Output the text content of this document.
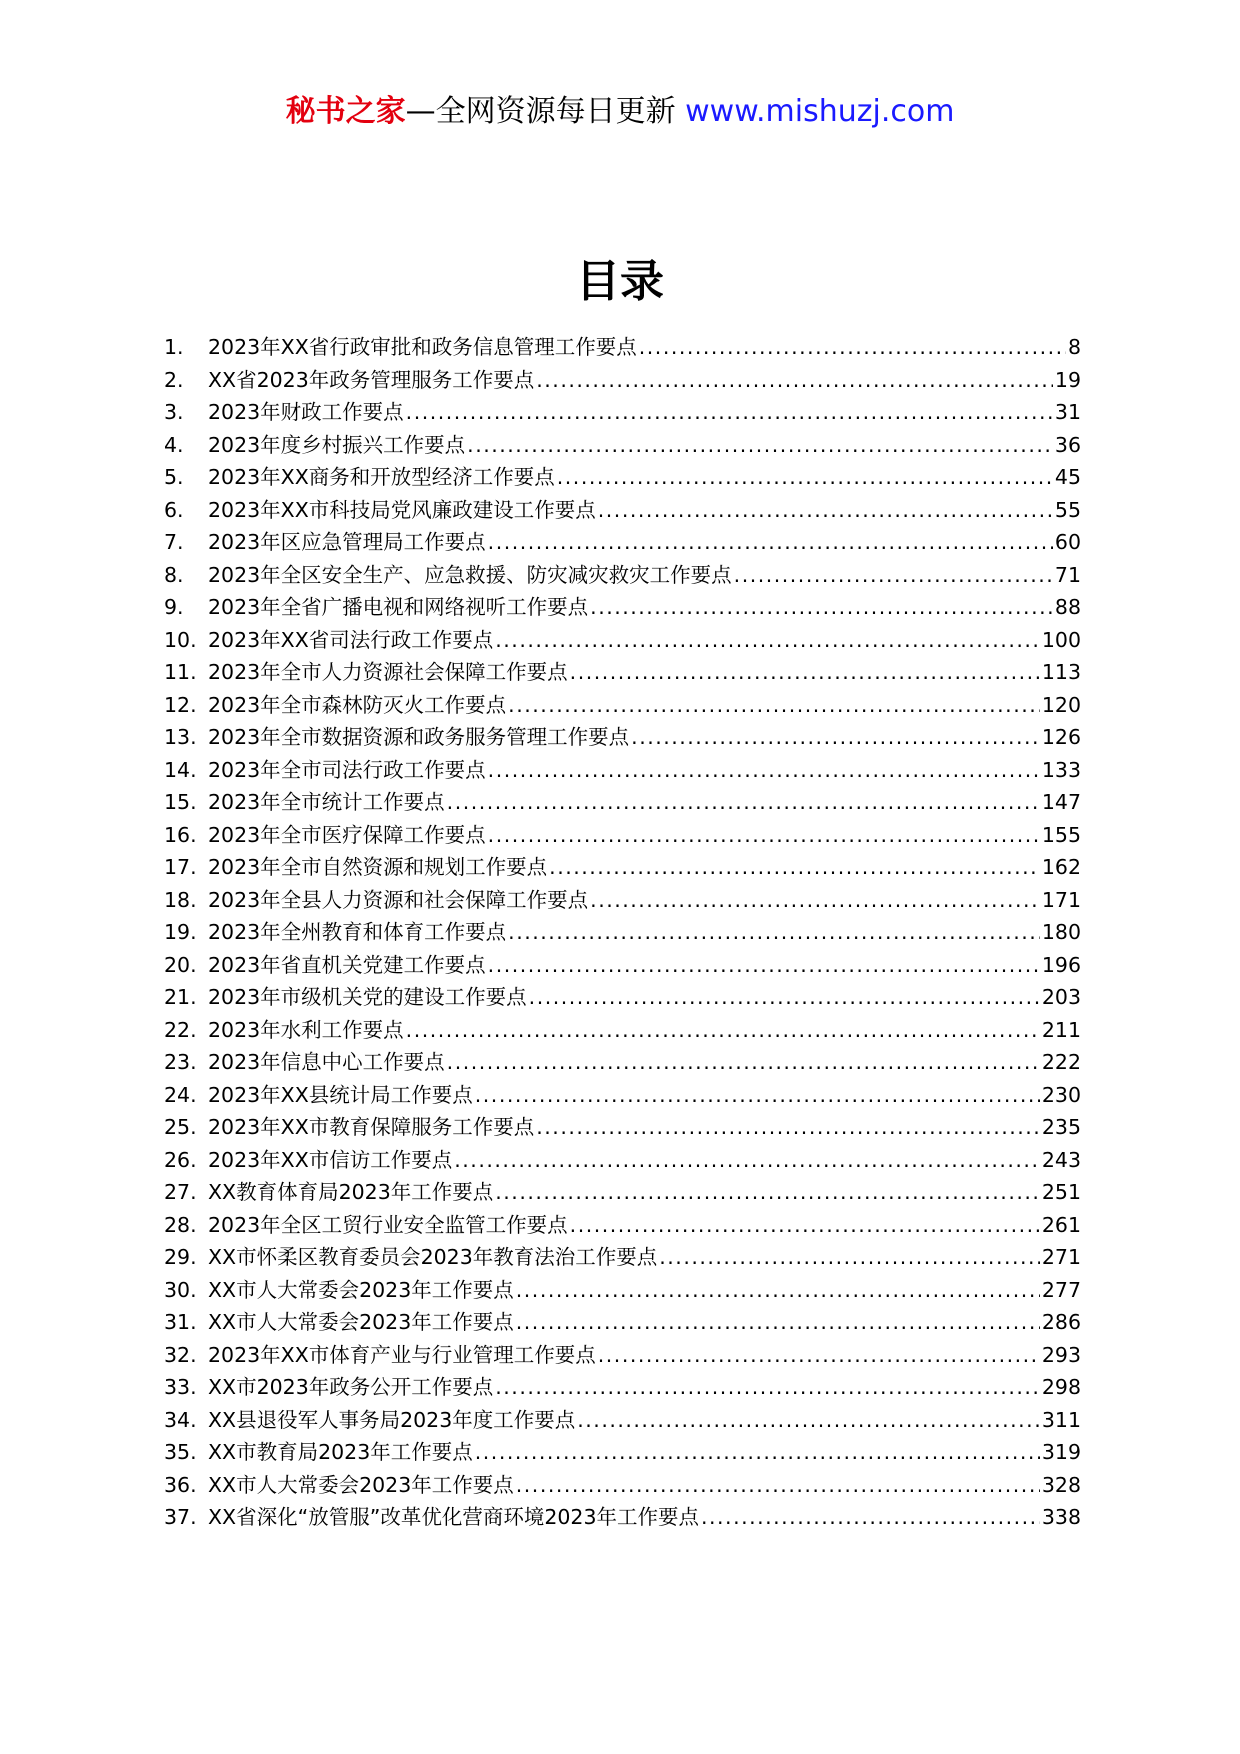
秘书之家—全网资源每日更新 www.mishuzj.com
目录
1.	2023年XX省行政审批和政务信息管理工作要点 .....	8
2.	XX省2023年政务管理服务工作要点 .....	19
3.	2023年财政工作要点 .....	31
4.	2023年度乡村振兴工作要点 .....	36
5.	2023年XX商务和开放型经济工作要点 .....	45
6.	2023年XX市科技局党风廉政建设工作要点 .....	55
7.	2023年区应急管理局工作要点 .....	60
8.	2023年全区安全生产、应急救援、防灾减灾救灾工作要点 .....	71
9.	2023年全省广播电视和网络视听工作要点 .....	88
10. 2023年XX省司法行政工作要点 .....	100
11. 2023年全市人力资源社会保障工作要点 .....	113
12. 2023年全市森林防灭火工作要点 .....	120
13. 2023年全市数据资源和政务服务管理工作要点 .....	126
14. 2023年全市司法行政工作要点 .....	133
15. 2023年全市统计工作要点 .....	147
16. 2023年全市医疗保障工作要点 .....	155
17. 2023年全市自然资源和规划工作要点 .....	162
18. 2023年全县人力资源和社会保障工作要点 .....	171
19. 2023年全州教育和体育工作要点 .....	180
20. 2023年省直机关党建工作要点 .....	196
21. 2023年市级机关党的建设工作要点 .....	203
22. 2023年水利工作要点 .....	211
23. 2023年信息中心工作要点 .....	222
24. 2023年XX县统计局工作要点 .....	230
25. 2023年XX市教育保障服务工作要点 .....	235
26. 2023年XX市信访工作要点 .....	243
27. XX教育体育局2023年工作要点 .....	251
28. 2023年全区工贸行业安全监管工作要点 .....	261
29. XX市怀柔区教育委员会2023年教育法治工作要点 .....	271
30. XX市人大常委会2023年工作要点 .....	277
31. XX市人大常委会2023年工作要点 .....	286
32. 2023年XX市体育产业与行业管理工作要点 .....	293
33. XX市2023年政务公开工作要点 .....	298
34. XX县退役军人事务局2023年度工作要点 .....	311
35. XX市教育局2023年工作要点 .....	319
36. XX市人大常委会2023年工作要点 .....	328
37. XX省深化“放管服”改革优化营商环境2023年工作要点 .....	338
